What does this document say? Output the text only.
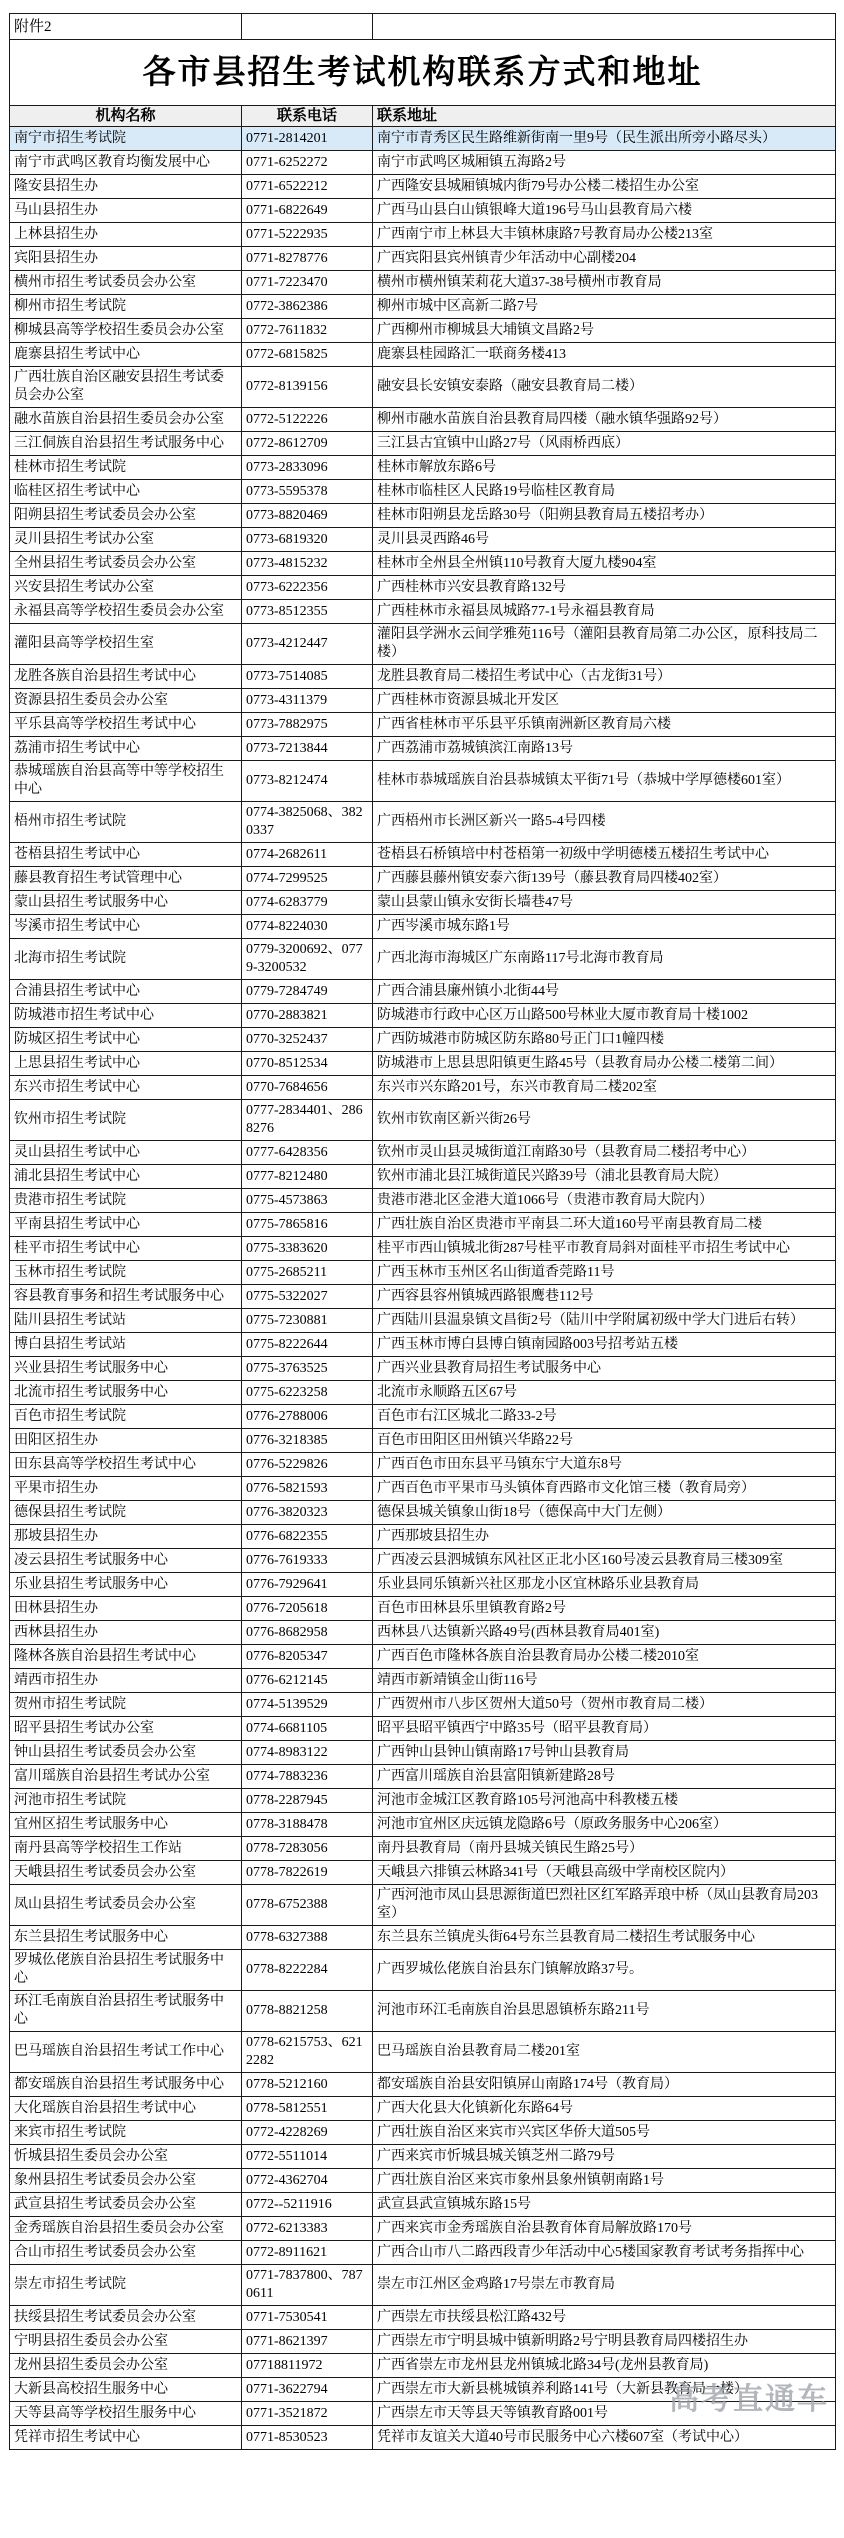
附件2		
各市县招生考试机构联系方式和地址		
机构名称	联系电话	联系地址
南宁市招生考试院	0771-2814201	南宁市青秀区民生路维新街南一里9号（民生派出所旁小路尽头）
南宁市武鸣区教育均衡发展中心	0771-6252272	南宁市武鸣区城厢镇五海路2号
隆安县招生办	0771-6522212	广西隆安县城厢镇城内街79号办公楼二楼招生办公室
马山县招生办	0771-6822649	广西马山县白山镇银峰大道196号马山县教育局六楼
上林县招生办	0771-5222935	广西南宁市上林县大丰镇林康路7号教育局办公楼213室
宾阳县招生办	0771-8278776	广西宾阳县宾州镇青少年活动中心副楼204
横州市招生考试委员会办公室	0771-7223470	横州市横州镇茉莉花大道37-38号横州市教育局
柳州市招生考试院	0772-3862386	柳州市城中区高新二路7号
柳城县高等学校招生委员会办公室	0772-7611832	广西柳州市柳城县大埔镇文昌路2号
鹿寨县招生考试中心	0772-6815825	鹿寨县桂园路汇一联商务楼413
广西壮族自治区融安县招生考试委员会办公室	0772-8139156	融安县长安镇安泰路（融安县教育局二楼）
融水苗族自治县招生委员会办公室	0772-5122226	柳州市融水苗族自治县教育局四楼（融水镇华强路92号）
三江侗族自治县招生考试服务中心	0772-8612709	三江县古宜镇中山路27号（风雨桥西底）
桂林市招生考试院	0773-2833096	桂林市解放东路6号
临桂区招生考试中心	0773-5595378	桂林市临桂区人民路19号临桂区教育局
阳朔县招生考试委员会办公室	0773-8820469	桂林市阳朔县龙岳路30号（阳朔县教育局五楼招考办）
灵川县招生考试办公室	0773-6819320	灵川县灵西路46号
全州县招生考试委员会办公室	0773-4815232	桂林市全州县全州镇110号教育大厦九楼904室
兴安县招生考试办公室	0773-6222356	广西桂林市兴安县教育路132号
永福县高等学校招生委员会办公室	0773-8512355	广西桂林市永福县凤城路77-1号永福县教育局
灌阳县高等学校招生室	0773-4212447	灌阳县学洲水云间学雅苑116号（灌阳县教育局第二办公区，原科技局二楼）
龙胜各族自治县招生考试中心	0773-7514085	龙胜县教育局二楼招生考试中心（古龙街31号）
资源县招生委员会办公室	0773-4311379	广西桂林市资源县城北开发区
平乐县高等学校招生考试中心	0773-7882975	广西省桂林市平乐县平乐镇南洲新区教育局六楼
荔浦市招生考试中心	0773-7213844	广西荔浦市荔城镇滨江南路13号
恭城瑶族自治县高等中等学校招生中心	0773-8212474	桂林市恭城瑶族自治县恭城镇太平街71号（恭城中学厚德楼601室）
梧州市招生考试院	0774-3825068、3820337	广西梧州市长洲区新兴一路5-4号四楼
苍梧县招生考试中心	0774-2682611	苍梧县石桥镇培中村苍梧第一初级中学明德楼五楼招生考试中心
藤县教育招生考试管理中心	0774-7299525	广西藤县藤州镇安泰六街139号（藤县教育局四楼402室）
蒙山县招生考试服务中心	0774-6283779	蒙山县蒙山镇永安街长墙巷47号
岑溪市招生考试中心	0774-8224030	广西岑溪市城东路1号
北海市招生考试院	0779-3200692、0779-3200532	广西北海市海城区广东南路117号北海市教育局
合浦县招生考试中心	0779-7284749	广西合浦县廉州镇小北街44号
防城港市招生考试中心	0770-2883821	防城港市行政中心区万山路500号林业大厦市教育局十楼1002
防城区招生考试中心	0770-3252437	广西防城港市防城区防东路80号正门口1幢四楼
上思县招生考试中心	0770-8512534	防城港市上思县思阳镇更生路45号（县教育局办公楼二楼第二间）
东兴市招生考试中心	0770-7684656	东兴市兴东路201号，东兴市教育局二楼202室
钦州市招生考试院	0777-2834401、2868276	钦州市钦南区新兴街26号
灵山县招生考试中心	0777-6428356	钦州市灵山县灵城街道江南路30号（县教育局二楼招考中心）
浦北县招生考试中心	0777-8212480	钦州市浦北县江城街道民兴路39号（浦北县教育局大院）
贵港市招生考试院	0775-4573863	贵港市港北区金港大道1066号（贵港市教育局大院内）
平南县招生考试中心	0775-7865816	广西壮族自治区贵港市平南县二环大道160号平南县教育局二楼
桂平市招生考试中心	0775-3383620	桂平市西山镇城北街287号桂平市教育局斜对面桂平市招生考试中心
玉林市招生考试院	0775-2685211	广西玉林市玉州区名山街道香莞路11号
容县教育事务和招生考试服务中心	0775-5322027	广西容县容州镇城西路银鹰巷112号
陆川县招生考试站	0775-7230881	广西陆川县温泉镇文昌街2号（陆川中学附属初级中学大门进后右转）
博白县招生考试站	0775-8222644	广西玉林市博白县博白镇南园路003号招考站五楼
兴业县招生考试服务中心	0775-3763525	广西兴业县教育局招生考试服务中心
北流市招生考试服务中心	0775-6223258	北流市永顺路五区67号
百色市招生考试院	0776-2788006	百色市右江区城北二路33-2号
田阳区招生办	0776-3218385	百色市田阳区田州镇兴华路22号
田东县高等学校招生考试中心	0776-5229826	广西百色市田东县平马镇东宁大道东8号
平果市招生办	0776-5821593	广西百色市平果市马头镇体育西路市文化馆三楼（教育局旁）
德保县招生考试院	0776-3820323	德保县城关镇象山街18号（德保高中大门左侧）
那坡县招生办	0776-6822355	广西那坡县招生办
凌云县招生考试服务中心	0776-7619333	广西凌云县泗城镇东风社区正北小区160号凌云县教育局三楼309室
乐业县招生考试服务中心	0776-7929641	乐业县同乐镇新兴社区那龙小区宜林路乐业县教育局
田林县招生办	0776-7205618	百色市田林县乐里镇教育路2号
西林县招生办	0776-8682958	西林县八达镇新兴路49号(西林县教育局401室)
隆林各族自治县招生考试中心	0776-8205347	广西百色市隆林各族自治县教育局办公楼二楼2010室
靖西市招生办	0776-6212145	靖西市新靖镇金山街116号
贺州市招生考试院	0774-5139529	广西贺州市八步区贺州大道50号（贺州市教育局二楼）
昭平县招生考试办公室	0774-6681105	昭平县昭平镇西宁中路35号（昭平县教育局）
钟山县招生考试委员会办公室	0774-8983122	广西钟山县钟山镇南路17号钟山县教育局
富川瑶族自治县招生考试办公室	0774-7883236	广西富川瑶族自治县富阳镇新建路28号
河池市招生考试院	0778-2287945	河池市金城江区教育路105号河池高中科教楼五楼
宜州区招生考试服务中心	0778-3188478	河池市宜州区庆远镇龙隐路6号（原政务服务中心206室）
南丹县高等学校招生工作站	0778-7283056	南丹县教育局（南丹县城关镇民生路25号）
天峨县招生考试委员会办公室	0778-7822619	天峨县六排镇云林路341号（天峨县高级中学南校区院内）
凤山县招生考试委员会办公室	0778-6752388	广西河池市凤山县思源街道巴烈社区红军路弄琅中桥（凤山县教育局203室）
东兰县招生考试服务中心	0778-6327388	东兰县东兰镇虎头街64号东兰县教育局二楼招生考试服务中心
罗城仫佬族自治县招生考试服务中心	0778-8222284	广西罗城仫佬族自治县东门镇解放路37号。
环江毛南族自治县招生考试服务中心	0778-8821258	河池市环江毛南族自治县思恩镇桥东路211号
巴马瑶族自治县招生考试工作中心	0778-6215753、6212282	巴马瑶族自治县教育局二楼201室
都安瑶族自治县招生考试服务中心	0778-5212160	都安瑶族自治县安阳镇屏山南路174号（教育局）
大化瑶族自治县招生考试中心	0778-5812551	广西大化县大化镇新化东路64号
来宾市招生考试院	0772-4228269	广西壮族自治区来宾市兴宾区华侨大道505号
忻城县招生委员会办公室	0772-5511014	广西来宾市忻城县城关镇芝州二路79号
象州县招生考试委员会办公室	0772-4362704	广西壮族自治区来宾市象州县象州镇朝南路1号
武宣县招生考试委员会办公室	0772--5211916	武宣县武宣镇城东路15号
金秀瑶族自治县招生委员会办公室	0772-6213383	广西来宾市金秀瑶族自治县教育体育局解放路170号
合山市招生考试委员会办公室	0772-8911621	广西合山市八二路西段青少年活动中心5楼国家教育考试考务指挥中心
崇左市招生考试院	0771-7837800、7870611	崇左市江州区金鸡路17号崇左市教育局
扶绥县招生考试委员会办公室	0771-7530541	广西崇左市扶绥县松江路432号
宁明县招生委员会办公室	0771-8621397	广西崇左市宁明县城中镇新明路2号宁明县教育局四楼招生办
龙州县招生委员会办公室	07718811972	广西省崇左市龙州县龙州镇城北路34号(龙州县教育局)
大新县高校招生服务中心	0771-3622794	广西崇左市大新县桃城镇养利路141号（大新县教育局一楼）
天等县高等学校招生服务中心	0771-3521872	广西崇左市天等县天等镇教育路001号
凭祥市招生考试中心	0771-8530523	凭祥市友谊关大道40号市民服务中心六楼607室（考试中心）
高考直通车
